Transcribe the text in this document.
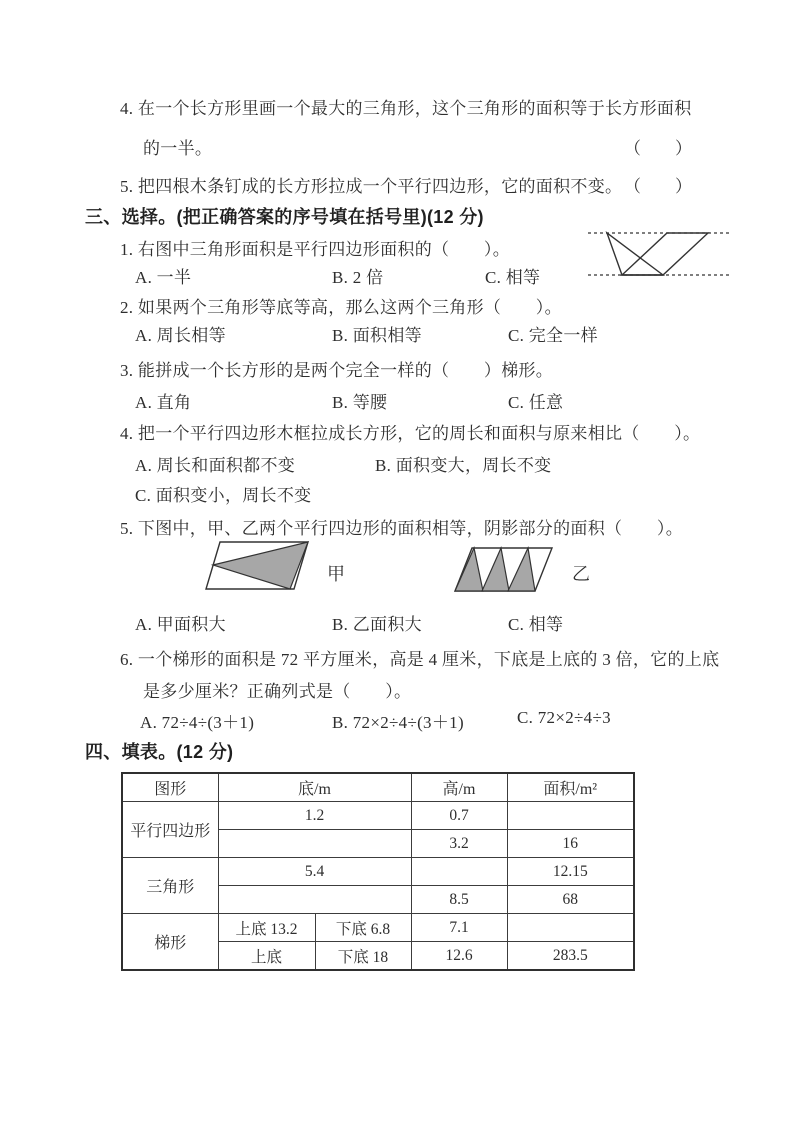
4. 在一个长方形里画一个最大的三角形，这个三角形的面积等于长方形面积
的一半。	（　　）
5. 把四根木条钉成的长方形拉成一个平行四边形，它的面积不变。 （　　）
三、选择。(把正确答案的序号填在括号里)(12 分)
1. 右图中三角形面积是平行四边形面积的（　　）。
A. 一半	B. 2 倍	C. 相等
2. 如果两个三角形等底等高，那么这两个三角形（　　）。
A. 周长相等	B. 面积相等	C. 完全一样
3. 能拼成一个长方形的是两个完全一样的（　　）梯形。
A. 直角	B. 等腰	C. 任意
4. 把一个平行四边形木框拉成长方形，它的周长和面积与原来相比（　　）。
A. 周长和面积都不变	B. 面积变大，周长不变
C. 面积变小，周长不变
5. 下图中，甲、乙两个平行四边形的面积相等，阴影部分的面积（　　）。
甲	乙
A. 甲面积大	B. 乙面积大	C. 相等
6. 一个梯形的面积是 72 平方厘米，高是 4 厘米，下底是上底的 3 倍，它的上底
是多少厘米？正确列式是（　　）。
A. 72÷4÷(3＋1)	B. 72×2÷4÷(3＋1)	C. 72×2÷4÷3
四、填表。(12 分)
图形	底/m		高/m	面积/m²
平行四边形	1.2		0.7	
			3.2	16
三角形	5.4			12.15
			8.5	68
梯形	上底 13.2	下底 6.8	7.1	
	上底	下底 18	12.6	283.5
